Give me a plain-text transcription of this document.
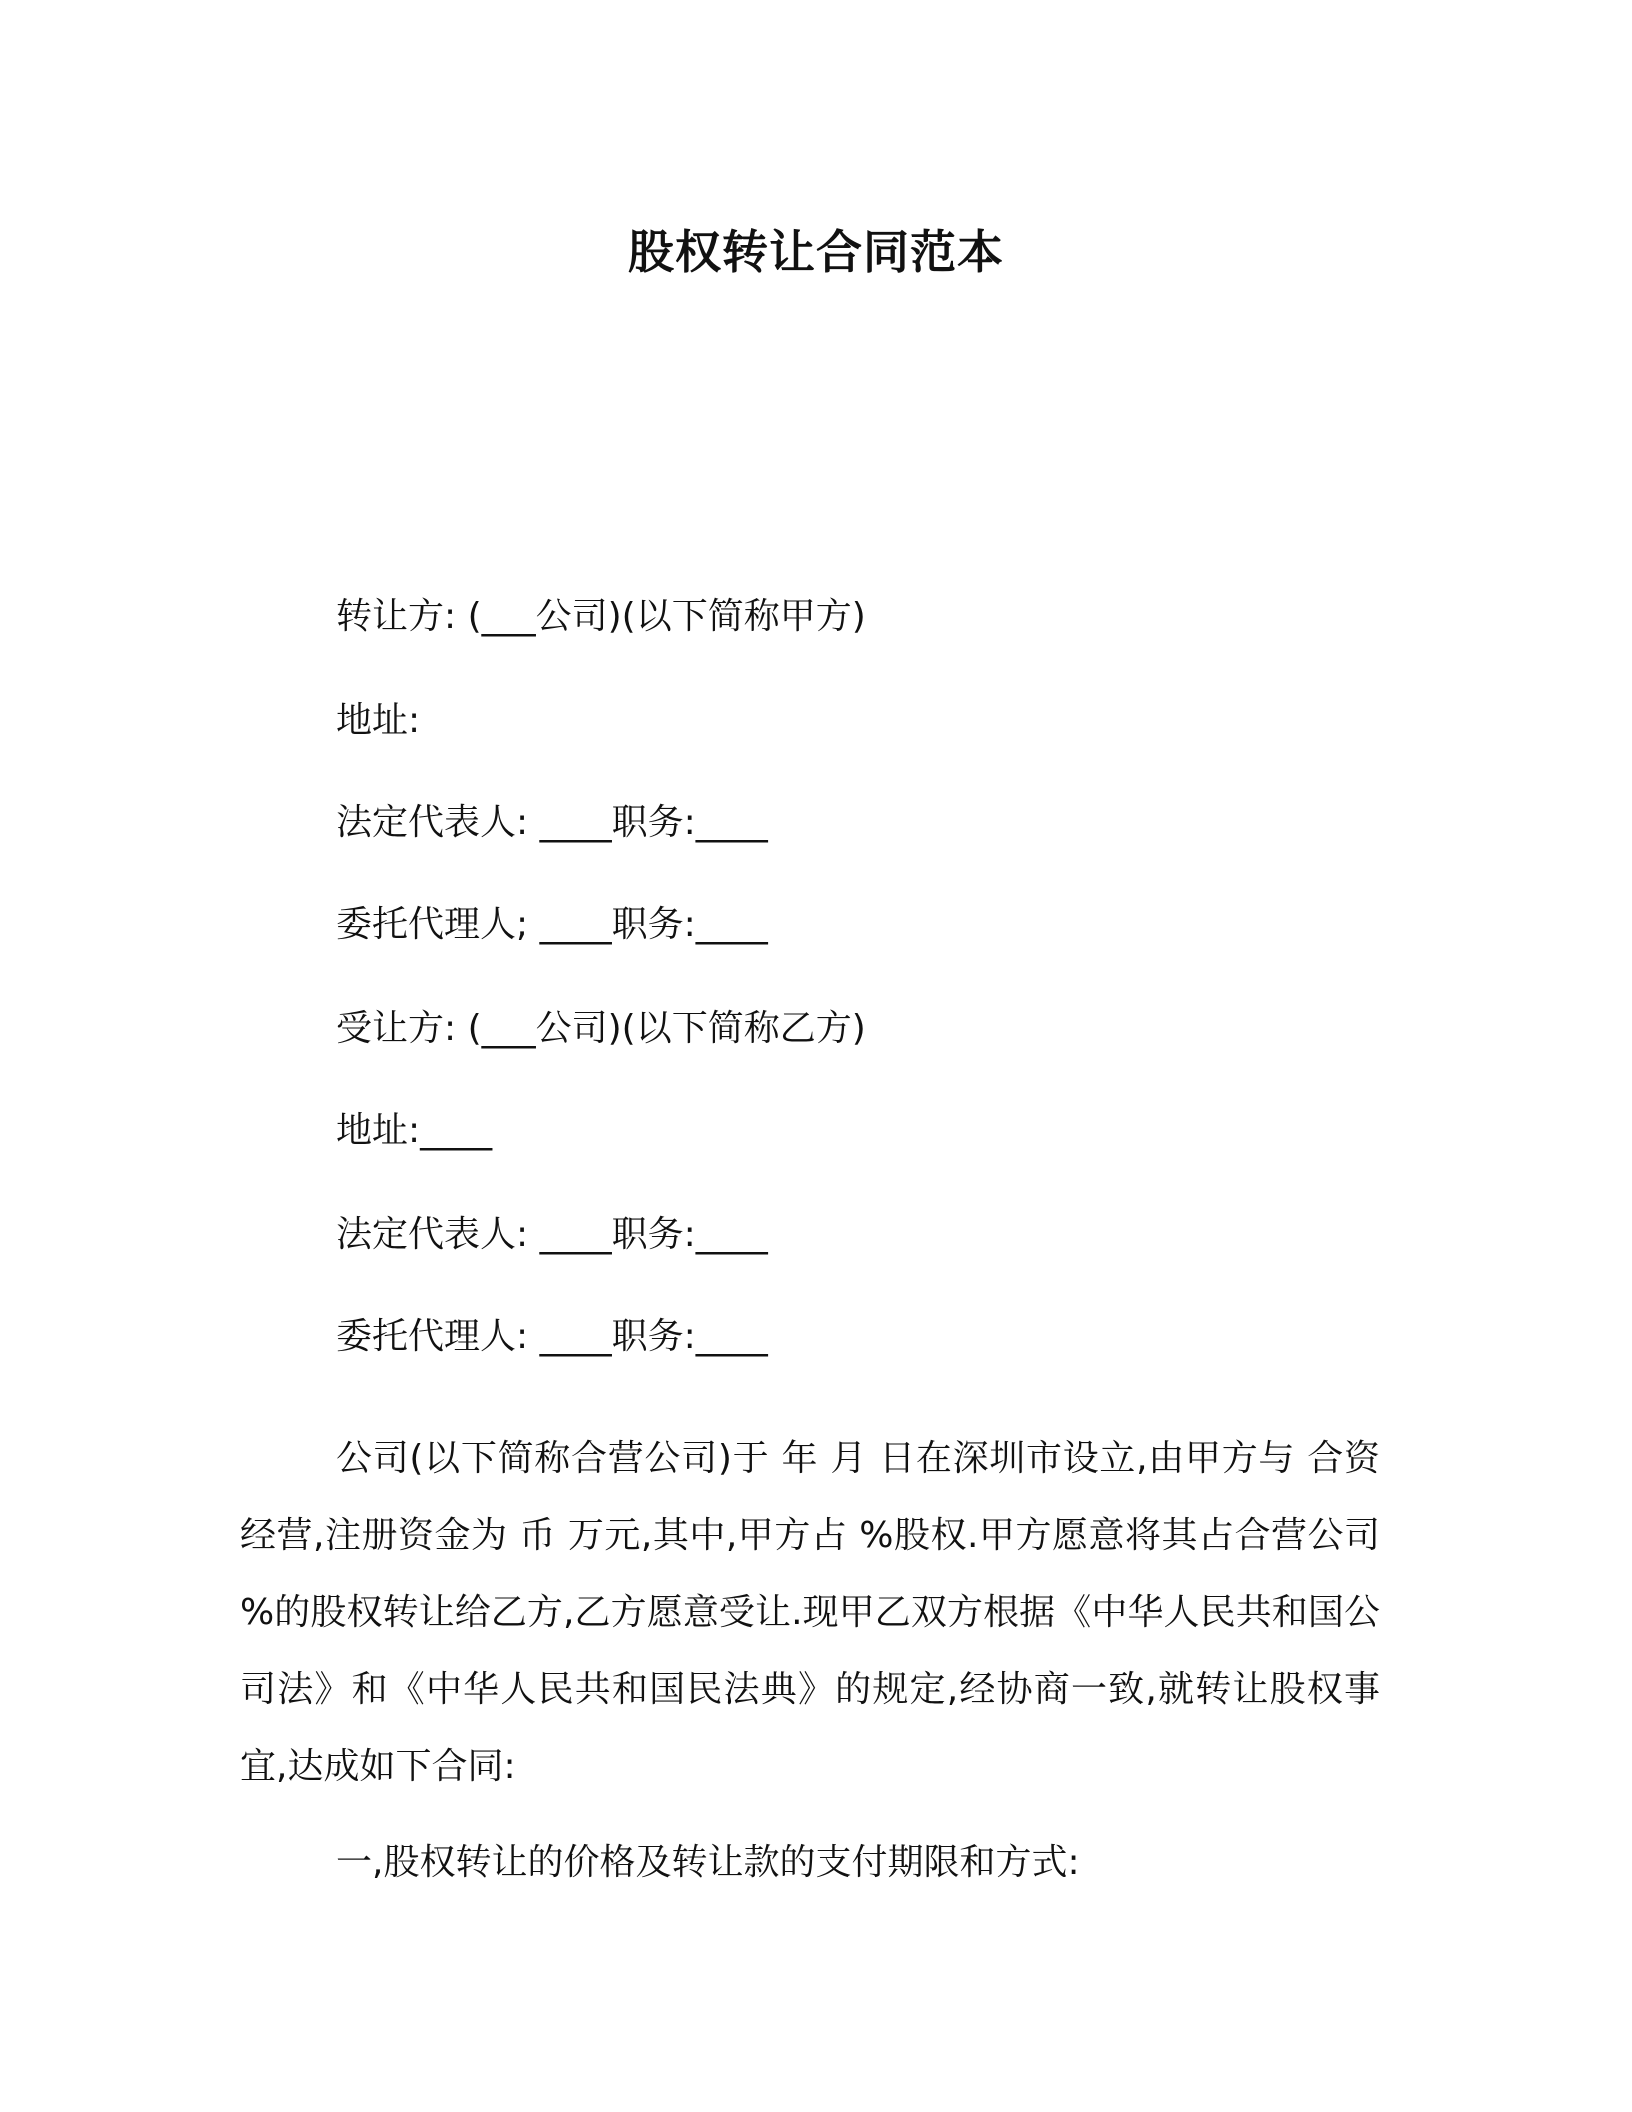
股权转让合同范本
转让方: (___公司)(以下简称甲方)
地址:
法定代表人: ____职务:____
委托代理人; ____职务:____
受让方: (___公司)(以下简称乙方)
地址:____
法定代表人: ____职务:____
委托代理人: ____职务:____
公司(以下简称合营公司)于 年 月 日在深圳市设立,由甲方与 合资经营,注册资金为 币 万元,其中,甲方占 %股权.甲方愿意将其占合营公司 %的股权转让给乙方,乙方愿意受让.现甲乙双方根据《中华人民共和国公司法》和《中华人民共和国民法典》的规定,经协商一致,就转让股权事宜,达成如下合同:
一,股权转让的价格及转让款的支付期限和方式:
